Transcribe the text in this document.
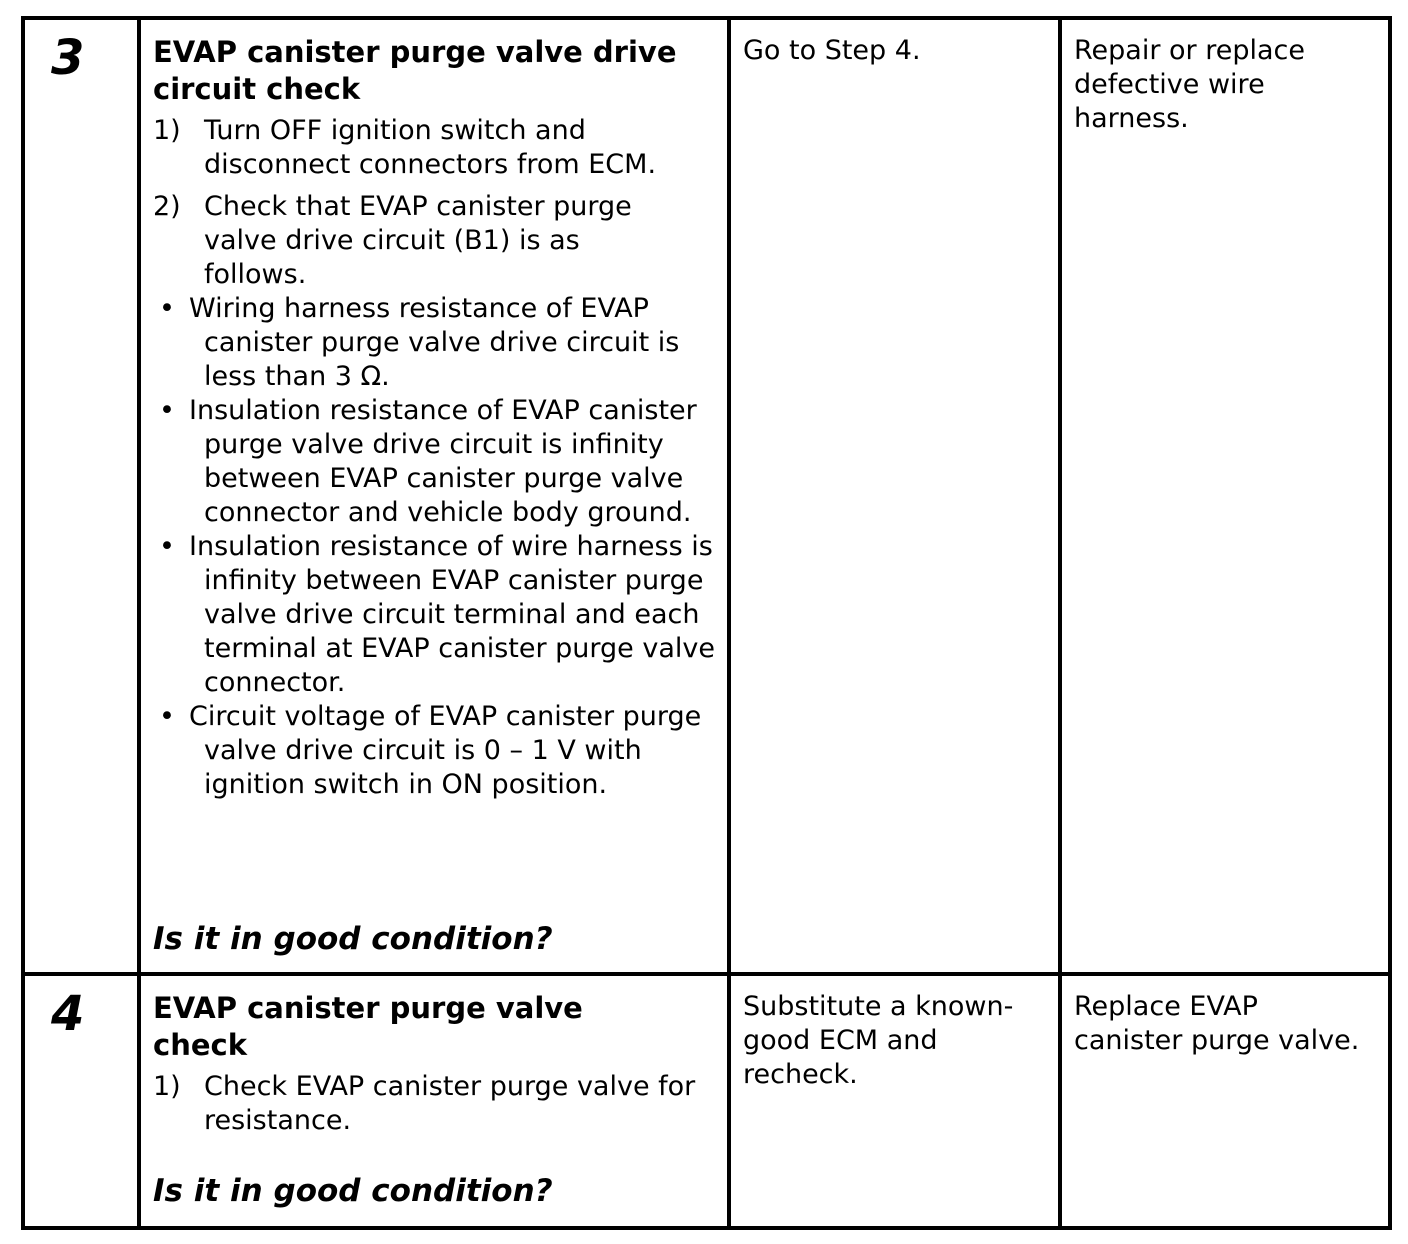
3 EVAP canister purge valve drive circuit check
1) Turn OFF ignition switch and disconnect connectors from ECM.
2) Check that EVAP canister purge valve drive circuit (B1) is as follows.
• Wiring harness resistance of EVAP canister purge valve drive circuit is less than 3 Ω.
• Insulation resistance of EVAP canister purge valve drive circuit is infinity between EVAP canister purge valve connector and vehicle body ground.
• Insulation resistance of wire harness is infinity between EVAP canister purge valve drive circuit terminal and each terminal at EVAP canister purge valve connector.
• Circuit voltage of EVAP canister purge valve drive circuit is 0 – 1 V with ignition switch in ON position.
Is it in good condition?

Go to Step 4.	Repair or replace defective wire harness.

4 EVAP canister purge valve check
1) Check EVAP canister purge valve for resistance.
Is it in good condition?

Substitute a known-good ECM and recheck.

Replace EVAP canister purge valve.
